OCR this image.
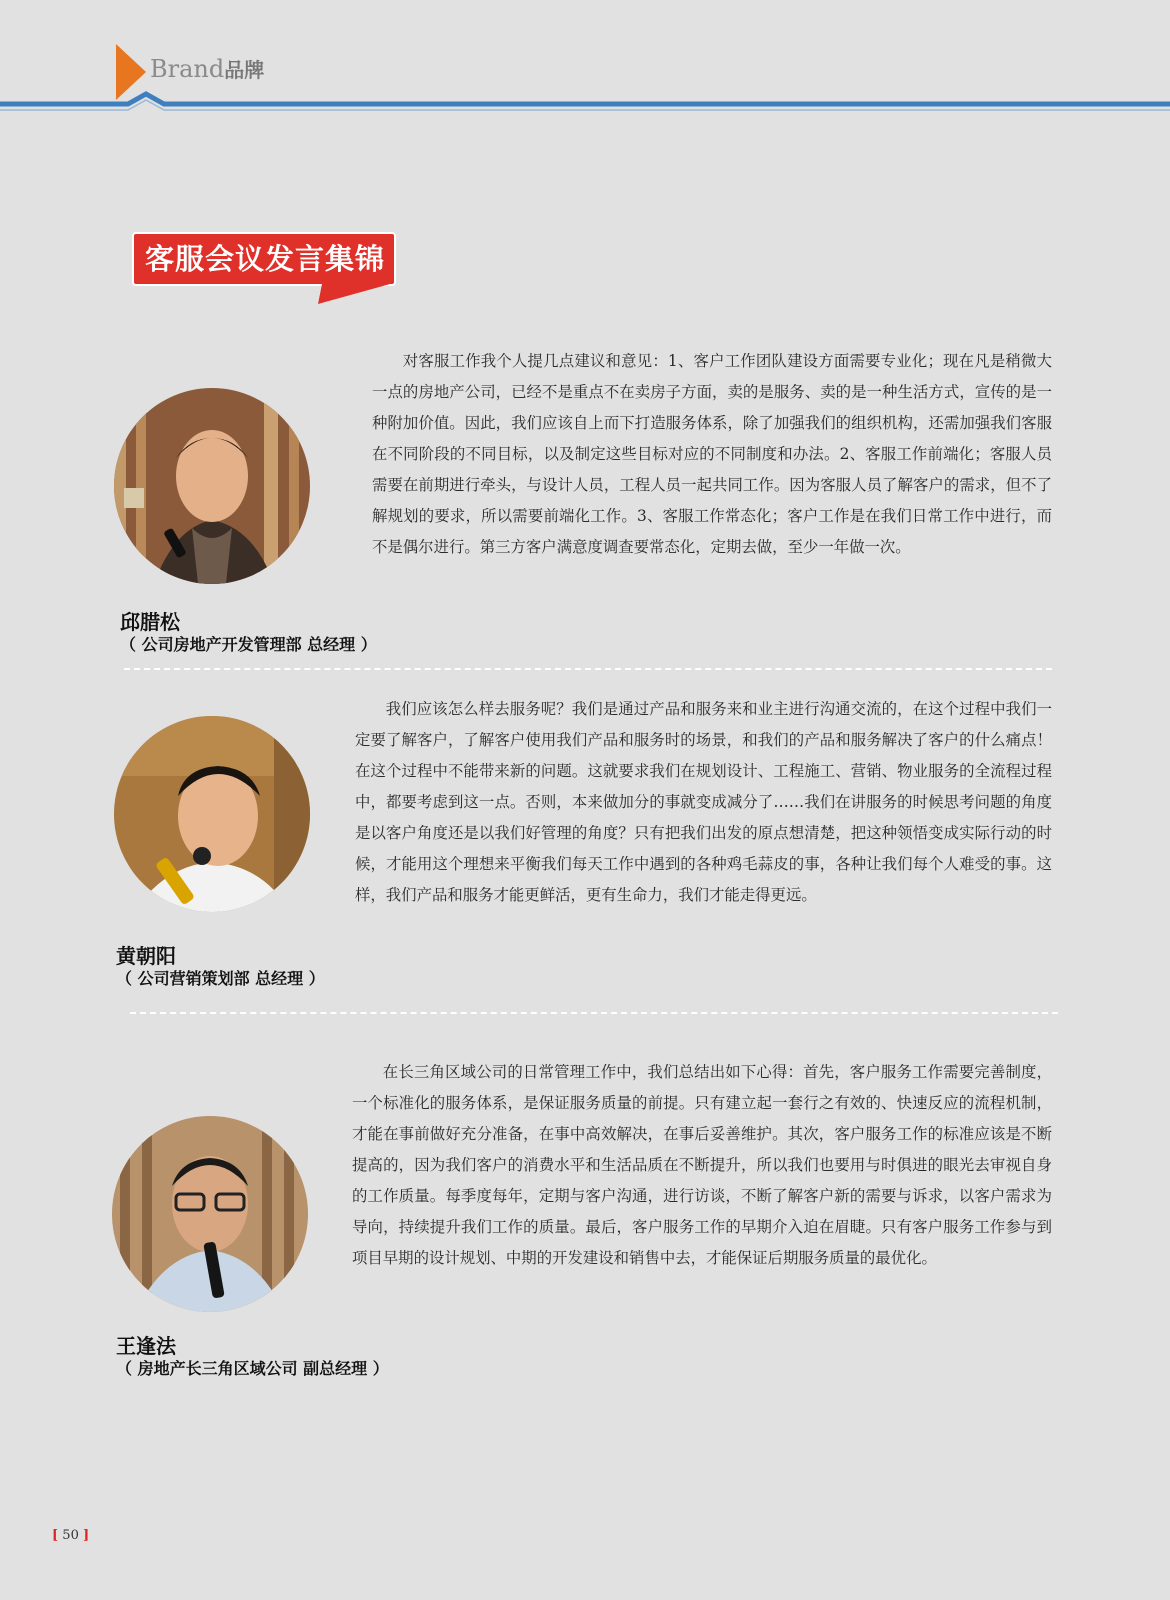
Brand品牌
客服会议发言集锦
邱腊松
（ 公司房地产开发管理部 总经理 ）

对客服工作我个人提几点建议和意见：1、客户工作团队建设方面需要专业化；现在凡是稍微大一点的房地产公司，已经不是重点不在卖房子方面，卖的是服务、卖的是一种生活方式，宣传的是一种附加价值。因此，我们应该自上而下打造服务体系，除了加强我们的组织机构，还需加强我们客服在不同阶段的不同目标，以及制定这些目标对应的不同制度和办法。2、客服工作前端化；客服人员需要在前期进行牵头，与设计人员，工程人员一起共同工作。因为客服人员了解客户的需求，但不了解规划的要求，所以需要前端化工作。3、客服工作常态化；客户工作是在我们日常工作中进行，而不是偶尔进行。第三方客户满意度调查要常态化，定期去做，至少一年做一次。

黄朝阳
（ 公司营销策划部 总经理 ）

我们应该怎么样去服务呢？我们是通过产品和服务来和业主进行沟通交流的，在这个过程中我们一定要了解客户，了解客户使用我们产品和服务时的场景，和我们的产品和服务解决了客户的什么痛点！在这个过程中不能带来新的问题。这就要求我们在规划设计、工程施工、营销、物业服务的全流程过程中，都要考虑到这一点。否则，本来做加分的事就变成减分了……我们在讲服务的时候思考问题的角度是以客户角度还是以我们好管理的角度？只有把我们出发的原点想清楚，把这种领悟变成实际行动的时候，才能用这个理想来平衡我们每天工作中遇到的各种鸡毛蒜皮的事，各种让我们每个人难受的事。这样，我们产品和服务才能更鲜活，更有生命力，我们才能走得更远。

王逢法
（ 房地产长三角区域公司 副总经理 ）

在长三角区域公司的日常管理工作中，我们总结出如下心得：首先，客户服务工作需要完善制度，一个标准化的服务体系，是保证服务质量的前提。只有建立起一套行之有效的、快速反应的流程机制，才能在事前做好充分准备，在事中高效解决，在事后妥善维护。其次，客户服务工作的标准应该是不断提高的，因为我们客户的消费水平和生活品质在不断提升，所以我们也要用与时俱进的眼光去审视自身的工作质量。每季度每年，定期与客户沟通，进行访谈，不断了解客户新的需要与诉求，以客户需求为导向，持续提升我们工作的质量。最后，客户服务工作的早期介入迫在眉睫。只有客户服务工作参与到项目早期的设计规划、中期的开发建设和销售中去，才能保证后期服务质量的最优化。

[ 50 ]
